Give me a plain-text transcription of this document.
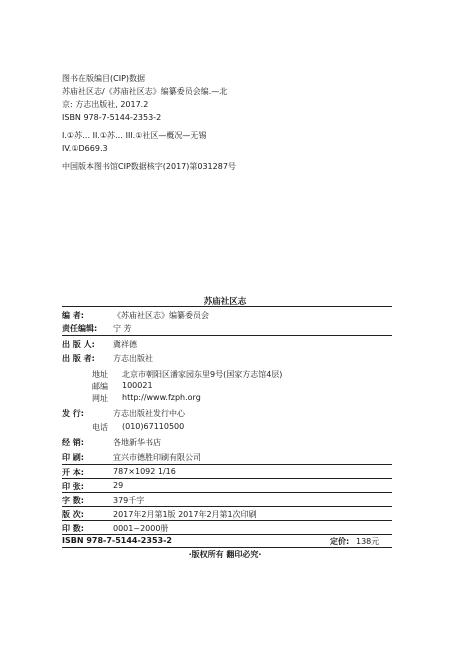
图书在版编目(CIP)数据
苏庙社区志/《苏庙社区志》编纂委员会编.—北
京: 方志出版社, 2017.2
ISBN 978-7-5144-2353-2
I.①苏… II.①苏… III.①社区—概况—无锡
IV.①D669.3
中国版本图书馆CIP数据核字(2017)第031287号
苏庙社区志
编 者:	《苏庙社区志》编纂委员会
责任编辑: 宁 芳
出 版 人: 冀祥德
出 版 者: 方志出版社
地址 北京市朝阳区潘家园东里9号(国家方志馆4层)
邮编 100021
网址 http://www.fzph.org
发 行:	方志出版社发行中心
电话 (010)67110500
经 销:	各地新华书店
印 刷:	宜兴市德胜印刷有限公司
开 本:	787×1092 1/16
印 张:	29
字 数:	379千字
版 次:	2017年2月第1版 2017年2月第1次印刷
印 数:	0001~2000册
ISBN 978-7-5144-2353-2	定价: 138元
·版权所有 翻印必究·
